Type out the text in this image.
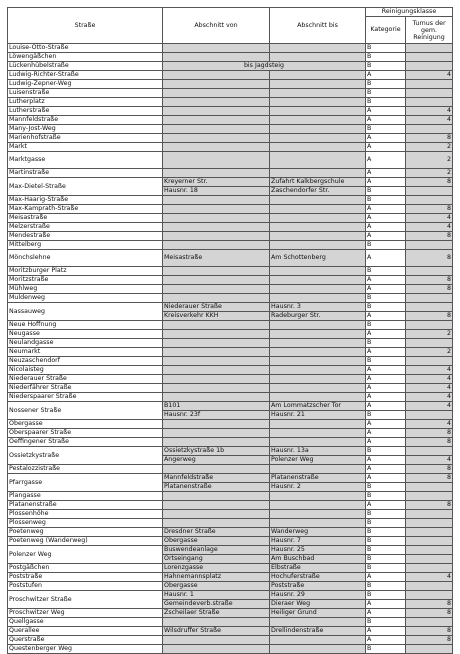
Straße	Abschnitt von	Abschnitt bis	Reinigungsklasse	
			Kategorie	Turnus der gem. Reinigung
Louise-Otto-Straße			B	
Löwengäßchen			B	
Lückenhübelstraße	bis Jagdsteig		B	
Ludwig-Richter-Straße			A	4
Ludwig-Zepner-Weg			B	
Luisenstraße			B	
Lutherplatz			B	
Lutherstraße			A	4
Mannfeldstraße			A	4
Many-Jost-Weg			B	
Marienhofstraße			A	8
Markt			A	2
Marktgasse			A	2
Martinstraße			A	2
Max-Dietel-Straße	Kreyerner Str.	Zufahrt Kalkbergschule	A	8
	Hausnr. 18	Zaschendorfer Str.	B	
Max-Haarig-Straße			B	
Max-Kamprath-Straße			A	8
Meisastraße			A	4
Melzerstraße			A	4
Mendestraße			A	8
Mittelberg			B	
Mönchslehne	Meisastraße	Am Schottenberg	A	8
Moritzburger Platz			B	
Moritzstraße			A	8
Mühlweg			A	8
Muldenweg			B	
Nassauweg	Niederauer Straße	Hausnr. 3	B	
	Kreisverkehr KKH	Radeburger Str.	A	8
Neue Hoffnung			B	
Neugasse			A	2
Neulandgasse			B	
Neumarkt			A	2
Neuzaschendorf			B	
Nicolaisteg			A	4
Niederauer Straße			A	4
Niederfährer Straße			A	4
Niederspaarer Straße			A	4
Nossener Straße	B101	Am Lommatzscher Tor	A	4
	Hausnr. 23f	Hausnr. 21	B	
Obergasse			A	4
Oberspaarer Straße			A	8
Oeffingener Straße			A	8
Ossietzkystraße	Ossietzkystraße 1b	Hausnr. 13a	B	
	Angerweg	Polenzer Weg	A	4
Pestalozzistraße			A	8
Pfarrgasse	Mannfeldstraße	Platanenstraße	A	8
	Platanenstraße	Hausnr. 2	B	
Plangasse			B	
Platanenstraße			A	8
Plossenhöhe			B	
Plossenweg			B	
Poetenweg	Dresdner Straße	Wanderweg	B	
Poetenweg (Wanderweg)	Obergasse	Hausnr. 7	B	
Polenzer Weg	Buswendeanlage	Hausnr. 25	B	
	Ortseingang	Am Buschbad	B	
Postgäßchen	Lorenzgasse	Elbstraße	B	
Poststraße	Hahnemannsplatz	Hochuferstraße	A	4
Poststufen	Obergasse	Poststraße	B	
Proschwitzer Straße	Hausnr. 1	Hausnr. 29	B	
	Gemeindeverb.straße	Dieraer Weg	A	8
Proschwitzer Weg	Zscheilaer Straße	Heiliger Grund	A	8
Quellgasse			B	
Querallee	Wilsdruffer Straße	Drellindenstraße	A	8
Querstraße			A	8
Questenberger Weg			B	
